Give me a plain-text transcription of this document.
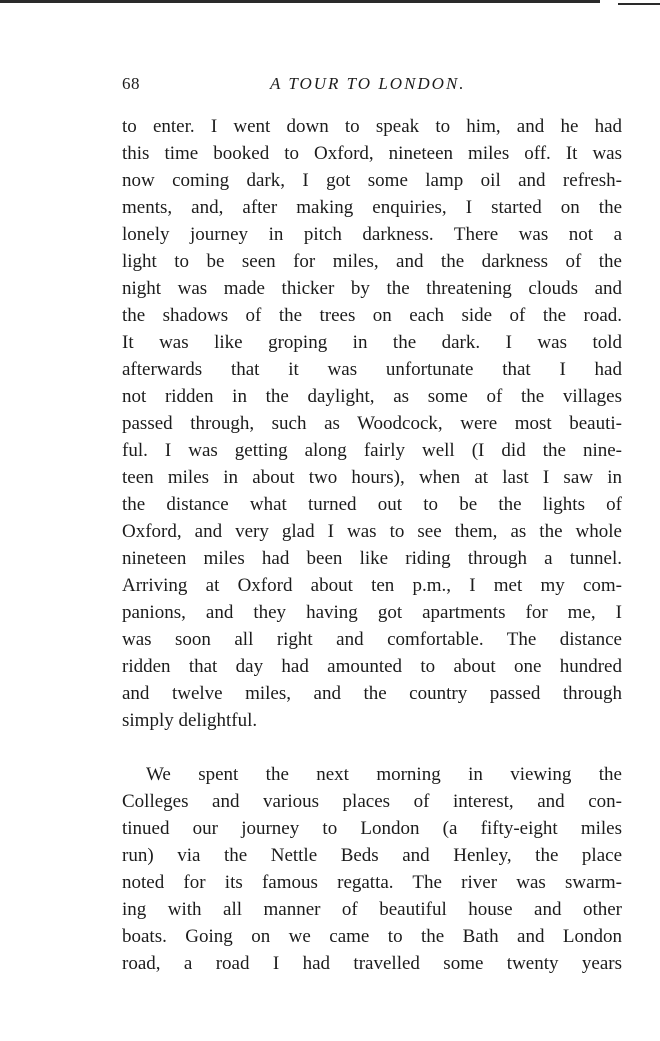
68	A TOUR TO LONDON.
to enter. I went down to speak to him, and he had
this time booked to Oxford, nineteen miles off. It was
now coming dark, I got some lamp oil and refresh-
ments, and, after making enquiries, I started on the
lonely journey in pitch darkness. There was not a
light to be seen for miles, and the darkness of the
night was made thicker by the threatening clouds and
the shadows of the trees on each side of the road.
It was like groping in the dark. I was told
afterwards that it was unfortunate that I had
not ridden in the daylight, as some of the villages
passed through, such as Woodcock, were most beauti-
ful. I was getting along fairly well (I did the nine-
teen miles in about two hours), when at last I saw in
the distance what turned out to be the lights of
Oxford, and very glad I was to see them, as the whole
nineteen miles had been like riding through a tunnel.
Arriving at Oxford about ten p.m., I met my com-
panions, and they having got apartments for me, I
was soon all right and comfortable. The distance
ridden that day had amounted to about one hundred
and twelve miles, and the country passed through
simply delightful.
We spent the next morning in viewing the
Colleges and various places of interest, and con-
tinued our journey to London (a fifty-eight miles
run) via the Nettle Beds and Henley, the place
noted for its famous regatta. The river was swarm-
ing with all manner of beautiful house and other
boats. Going on we came to the Bath and London
road, a road I had travelled some twenty years
